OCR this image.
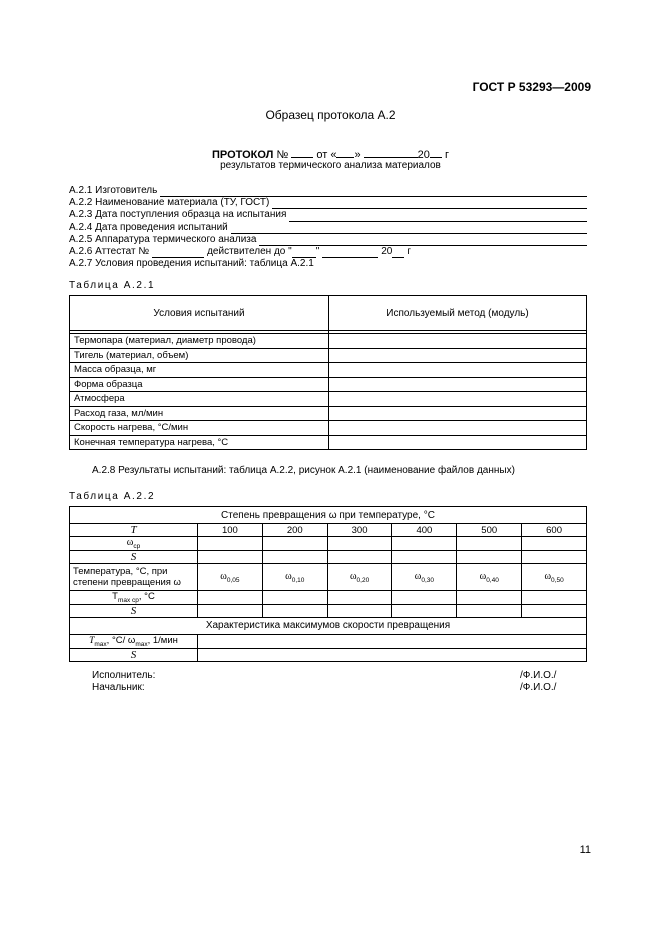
ГОСТ Р 53293—2009
Образец протокола А.2
ПРОТОКОЛ №	от « »	20 г
результатов термического анализа материалов
А.2.1 Изготовитель
А.2.2 Наименование материала (ТУ, ГОСТ)
А.2.3 Дата поступления образца на испытания
А.2.4 Дата проведения испытаний
А.2.5 Аппаратура термического анализа
А.2.6 Аттестат №	действителен до " "	20 г
А.2.7 Условия проведения испытаний: таблица А.2.1
Таблица А.2.1
Условия испытаний	Используемый метод (модуль)

Термопара (материал, диаметр провода)	
Тигель (материал, объем)	
Масса образца, мг	
Форма образца	
Атмосфера	
Расход газа, мл/мин	
Скорость нагрева, °С/мин	
Конечная температура нагрева, °С	
А.2.8 Результаты испытаний: таблица А.2.2, рисунок А.2.1 (наименование файлов данных)
Таблица А.2.2
Степень превращения ω при температуре, °С						
T	100	200	300	400	500	600
$\omega_{ср}$						
S						
Температура, °С, при
степени превращения ω	$\omega_{0,05}$	$\omega_{0,10}$	$\omega_{0,20}$	$\omega_{0,30}$	$\omega_{0,40}$	$\omega_{0,50}$
$T_{max ср}$, °С						
S						
Характеристика максимумов скорости превращения						
$T_{max}$, °С/ $\omega_{max}$, 1/мин						
S						
Исполнитель:	/Ф.И.О./
Начальник:	/Ф.И.О./
11
